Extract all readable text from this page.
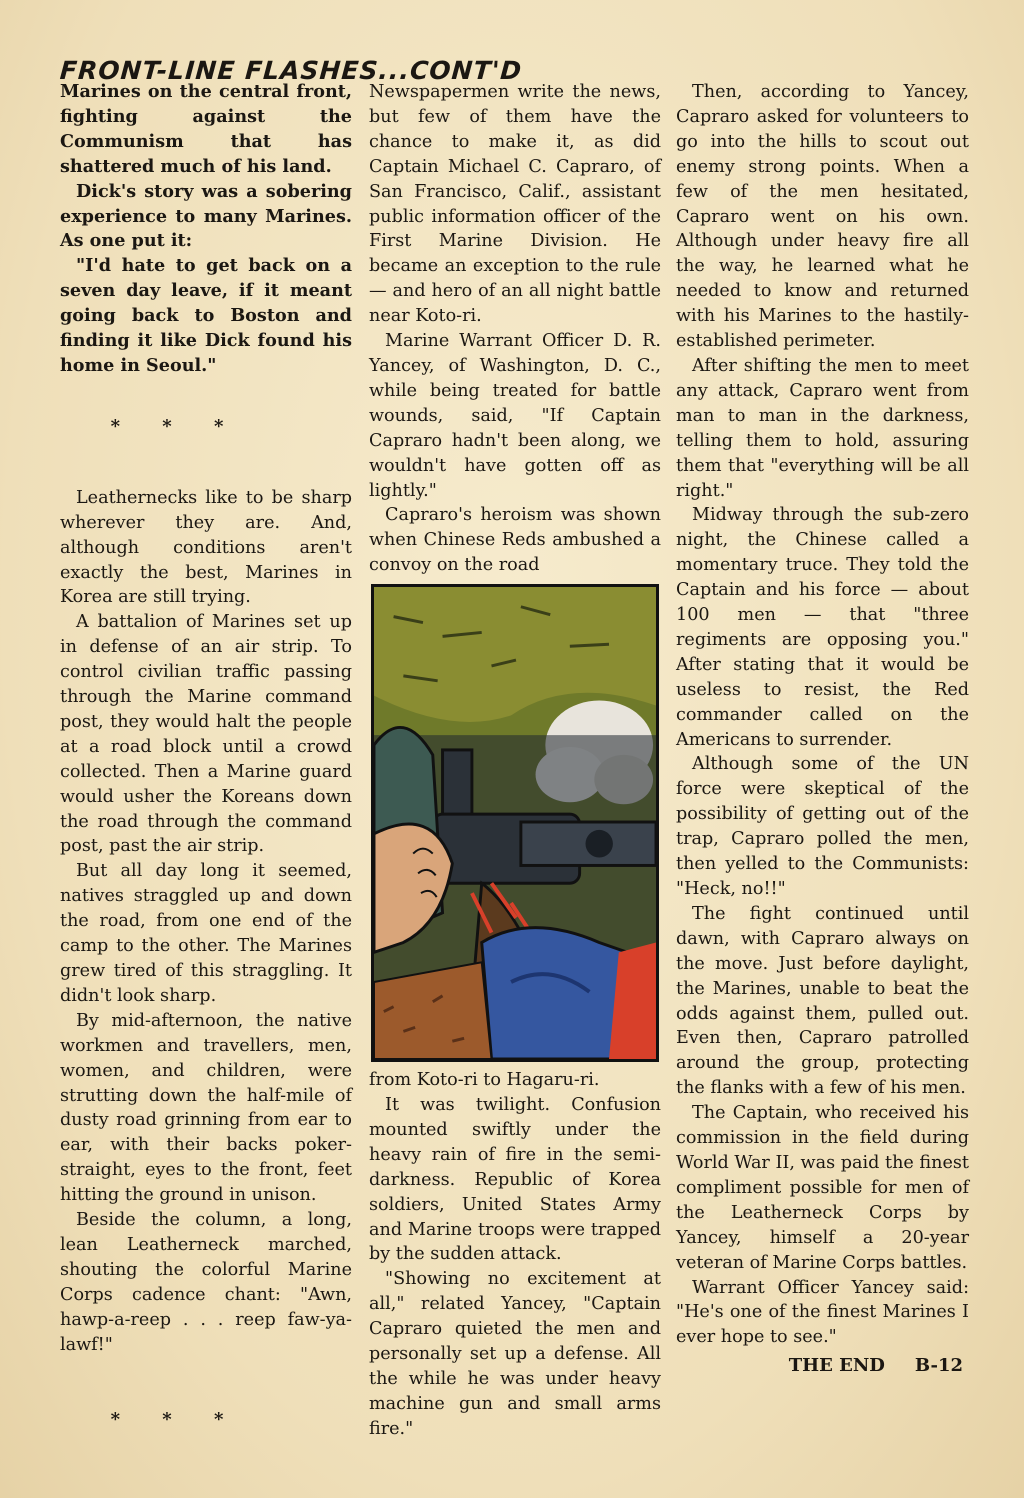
FRONT-LINE FLASHES...CONT'D

Marines on the central front, fighting against the Communism that has shattered much of his land.

Dick's story was a sobering experience to many Marines. As one put it:

"I'd hate to get back on a seven day leave, if it meant going back to Boston and finding it like Dick found his home in Seoul."

* * *

Leathernecks like to be sharp wherever they are. And, although conditions aren't exactly the best, Marines in Korea are still trying.

A battalion of Marines set up in defense of an air strip. To control civilian traffic passing through the Marine command post, they would halt the people at a road block until a crowd collected. Then a Marine guard would usher the Koreans down the road through the command post, past the air strip.

But all day long it seemed, natives straggled up and down the road, from one end of the camp to the other. The Marines grew tired of this straggling. It didn't look sharp.

By mid-afternoon, the native workmen and travellers, men, women, and children, were strutting down the half-mile of dusty road grinning from ear to ear, with their backs poker-straight, eyes to the front, feet hitting the ground in unison.

Beside the column, a long, lean Leatherneck marched, shouting the colorful Marine Corps cadence chant: "Awn, hawp-a-reep . . . reep faw-ya-lawf!"

* * *

Newspapermen write the news, but few of them have the chance to make it, as did Captain Michael C. Capraro, of San Francisco, Calif., assistant public information officer of the First Marine Division. He became an exception to the rule — and hero of an all night battle near Koto-ri.

Marine Warrant Officer D. R. Yancey, of Washington, D. C., while being treated for battle wounds, said, "If Captain Capraro hadn't been along, we wouldn't have gotten off as lightly."

Capraro's heroism was shown when Chinese Reds ambushed a convoy on the road

from Koto-ri to Hagaru-ri.

It was twilight. Confusion mounted swiftly under the heavy rain of fire in the semi-darkness. Republic of Korea soldiers, United States Army and Marine troops were trapped by the sudden attack.

"Showing no excitement at all," related Yancey, "Captain Capraro quieted the men and personally set up a defense. All the while he was under heavy machine gun and small arms fire."

Then, according to Yancey, Capraro asked for volunteers to go into the hills to scout out enemy strong points. When a few of the men hesitated, Capraro went on his own. Although under heavy fire all the way, he learned what he needed to know and returned with his Marines to the hastily-established perimeter.

After shifting the men to meet any attack, Capraro went from man to man in the darkness, telling them to hold, assuring them that "everything will be all right."

Midway through the sub-zero night, the Chinese called a momentary truce. They told the Captain and his force — about 100 men — that "three regiments are opposing you." After stating that it would be useless to resist, the Red commander called on the Americans to surrender.

Although some of the UN force were skeptical of the possibility of getting out of the trap, Capraro polled the men, then yelled to the Communists: "Heck, no!!"

The fight continued until dawn, with Capraro always on the move. Just before daylight, the Marines, unable to beat the odds against them, pulled out. Even then, Capraro patrolled around the group, protecting the flanks with a few of his men.

The Captain, who received his commission in the field during World War II, was paid the finest compliment possible for men of the Leatherneck Corps by Yancey, himself a 20-year veteran of Marine Corps battles.

Warrant Officer Yancey said: "He's one of the finest Marines I ever hope to see."

THE END B-12
